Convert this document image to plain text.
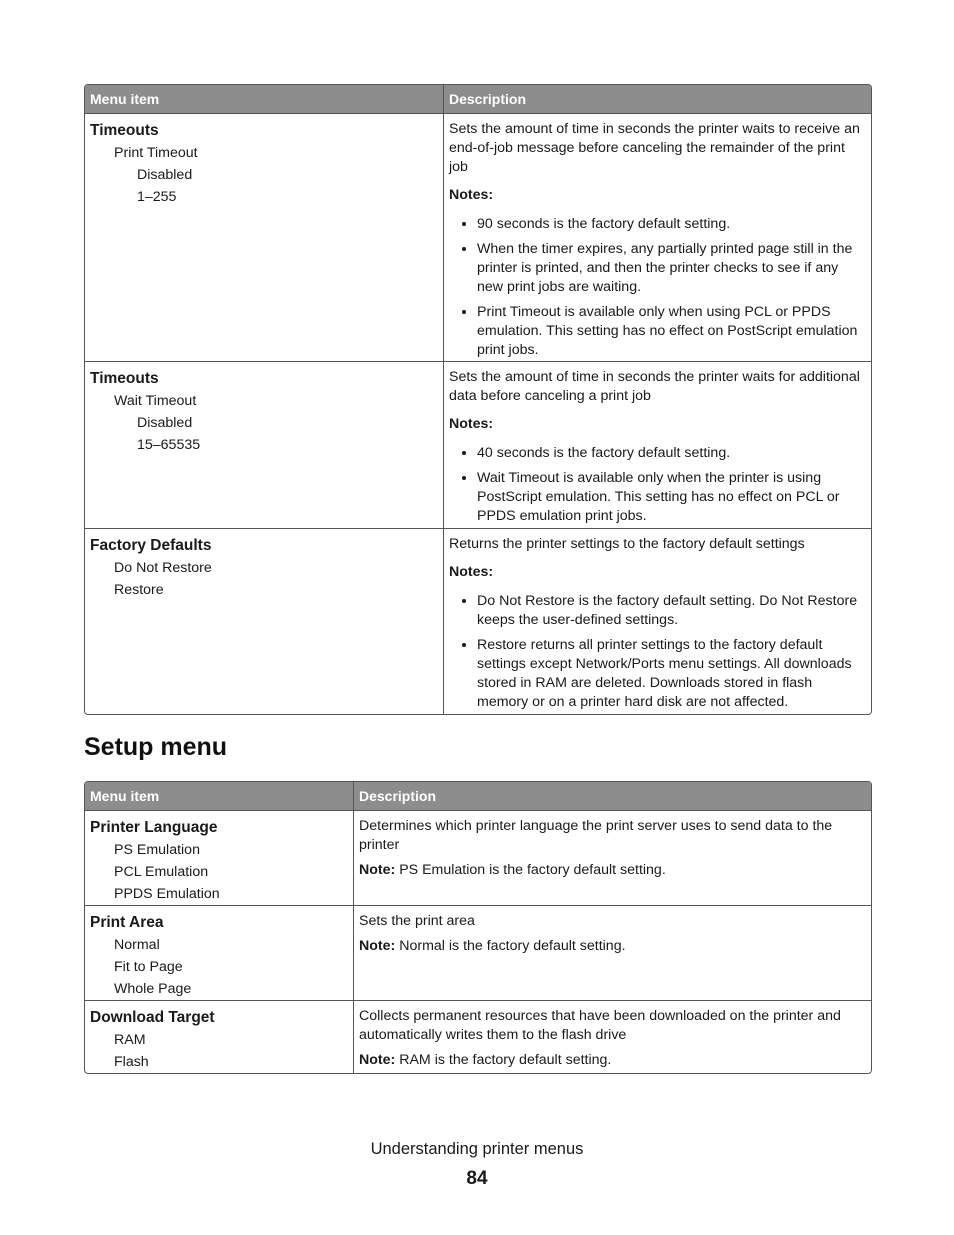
Menu item	Description
Timeouts
Print Timeout
Disabled
1–255
Sets the amount of time in seconds the printer waits to receive an end-of-job message before canceling the remainder of the print job
Notes:
• 90 seconds is the factory default setting.
• When the timer expires, any partially printed page still in the printer is printed, and then the printer checks to see if any new print jobs are waiting.
• Print Timeout is available only when using PCL or PPDS emulation. This setting has no effect on PostScript emulation print jobs.
Timeouts
Wait Timeout
Disabled
15–65535
Sets the amount of time in seconds the printer waits for additional data before canceling a print job
Notes:
• 40 seconds is the factory default setting.
• Wait Timeout is available only when the printer is using PostScript emulation. This setting has no effect on PCL or PPDS emulation print jobs.
Factory Defaults
Do Not Restore
Restore
Returns the printer settings to the factory default settings
Notes:
• Do Not Restore is the factory default setting. Do Not Restore keeps the user-defined settings.
• Restore returns all printer settings to the factory default settings except Network/Ports menu settings. All downloads stored in RAM are deleted. Downloads stored in flash memory or on a printer hard disk are not affected.
Setup menu
Menu item	Description
Printer Language
PS Emulation
PCL Emulation
PPDS Emulation
Determines which printer language the print server uses to send data to the printer
Note: PS Emulation is the factory default setting.
Print Area
Normal
Fit to Page
Whole Page
Sets the print area
Note: Normal is the factory default setting.
Download Target
RAM
Flash
Collects permanent resources that have been downloaded on the printer and automatically writes them to the flash drive
Note: RAM is the factory default setting.
Understanding printer menus
84
